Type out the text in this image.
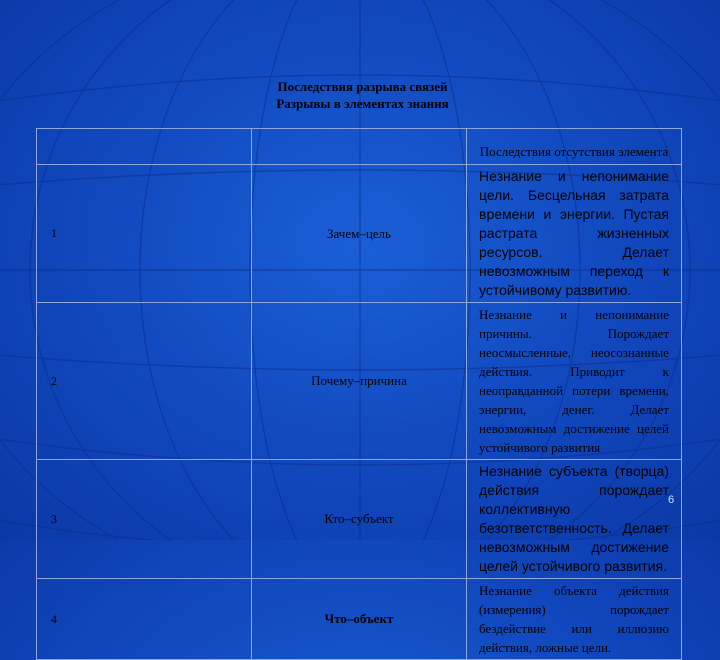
Последствия разрыва связей
Разрывы в элементах знания
		Последствия отсутствия элемента
1	Зачем–цель	Незнание и непонимание цели. Бесцельная затрата времени и энергии. Пустая растрата жизненных ресурсов. Делает невозможным переход к устойчивому развитию.
2	Почему–причина	Незнание и непонимание причины. Порождает неосмысленные, неосознанные действия. Приводит к неоправданной потери времени, энергии, денег. Делает невозможным достижение целей устойчивого развития
3	Кто–субъект	Незнание субъекта (творца) действия порождает коллективную безответственность. Делает невозможным достижение целей устойчивого развития.
4	Что–объект	Незнание объекта действия (измерения) порождает бездействие или иллюзию действия, ложные цели.
6
